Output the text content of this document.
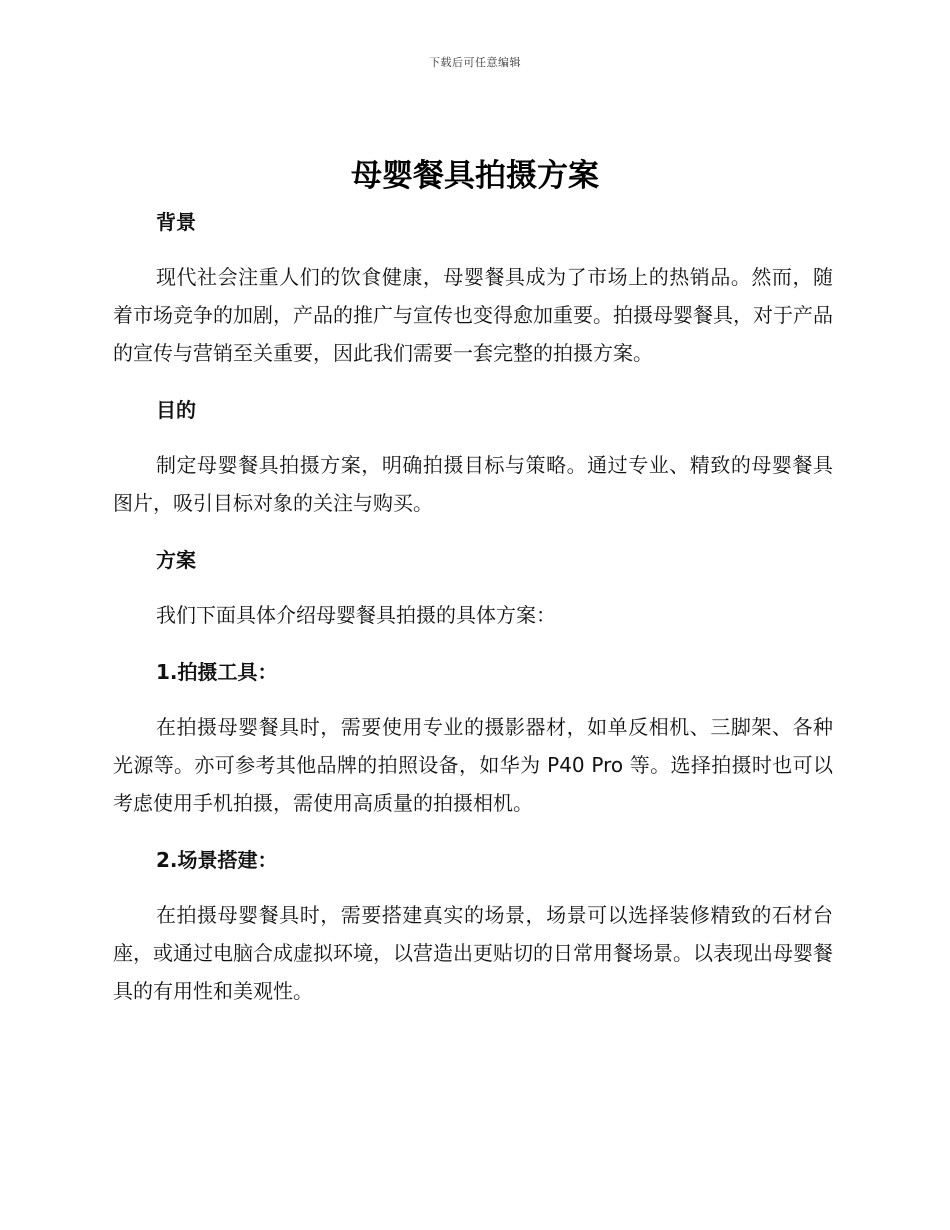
下载后可任意编辑
母婴餐具拍摄方案
背景

现代社会注重人们的饮食健康，母婴餐具成为了市场上的热销品。然而，随着市场竞争的加剧，产品的推广与宣传也变得愈加重要。拍摄母婴餐具，对于产品的宣传与营销至关重要，因此我们需要一套完整的拍摄方案。

目的

制定母婴餐具拍摄方案，明确拍摄目标与策略。通过专业、精致的母婴餐具图片，吸引目标对象的关注与购买。

方案

我们下面具体介绍母婴餐具拍摄的具体方案：

1.拍摄工具：

在拍摄母婴餐具时，需要使用专业的摄影器材，如单反相机、三脚架、各种光源等。亦可参考其他品牌的拍照设备，如华为 P40 Pro 等。选择拍摄时也可以考虑使用手机拍摄，需使用高质量的拍摄相机。

2.场景搭建：

在拍摄母婴餐具时，需要搭建真实的场景，场景可以选择装修精致的石材台座，或通过电脑合成虚拟环境，以营造出更贴切的日常用餐场景。以表现出母婴餐具的有用性和美观性。
